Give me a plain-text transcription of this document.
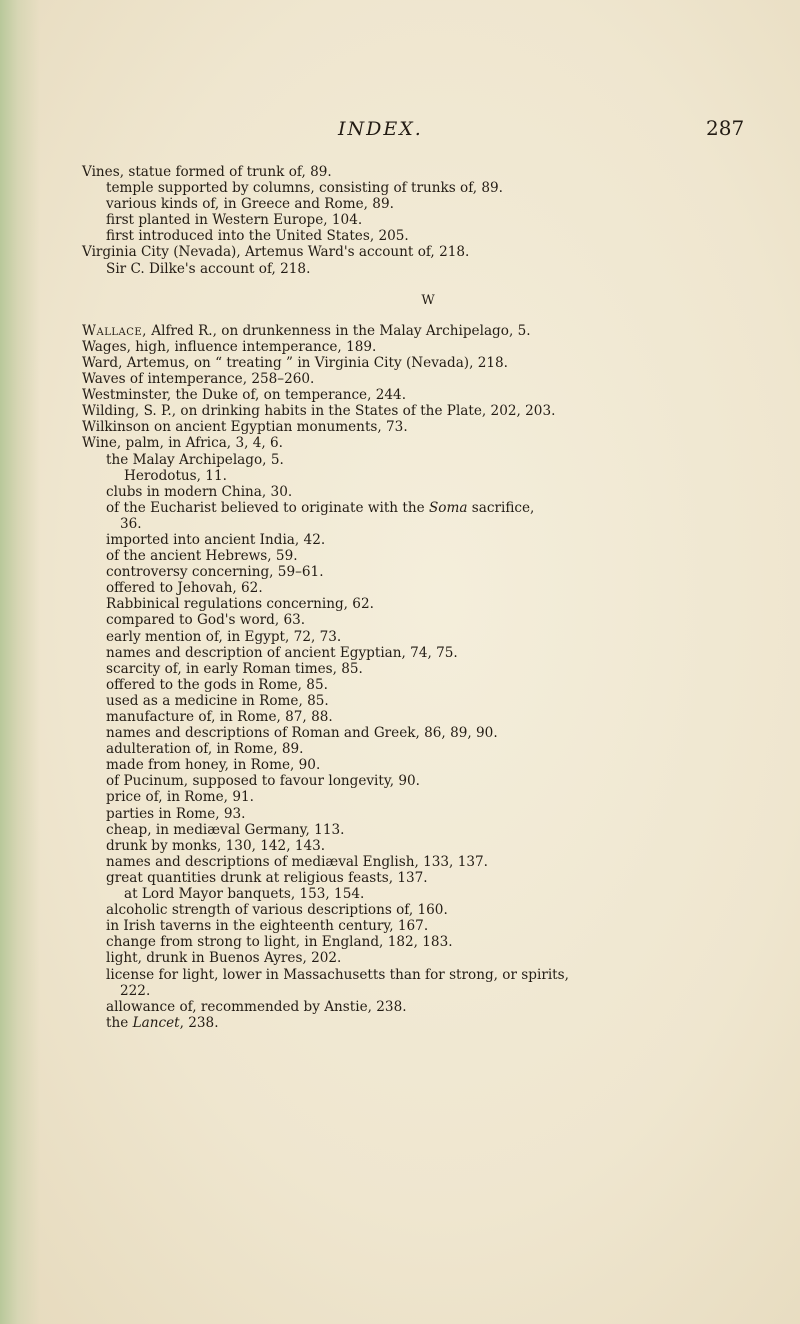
INDEX.	287
Vines, statue formed of trunk of, 89.
temple supported by columns, consisting of trunks of, 89.
various kinds of, in Greece and Rome, 89.
first planted in Western Europe, 104.
first introduced into the United States, 205.
Virginia City (Nevada), Artemus Ward's account of, 218.
Sir C. Dilke's account of, 218.
W
Wallace, Alfred R., on drunkenness in the Malay Archipelago, 5.
Wages, high, influence intemperance, 189.
Ward, Artemus, on “ treating ” in Virginia City (Nevada), 218.
Waves of intemperance, 258–260.
Westminster, the Duke of, on temperance, 244.
Wilding, S. P., on drinking habits in the States of the Plate, 202, 203.
Wilkinson on ancient Egyptian monuments, 73.
Wine, palm, in Africa, 3, 4, 6.
the Malay Archipelago, 5.
Herodotus, 11.
clubs in modern China, 30.
of the Eucharist believed to originate with the Soma sacrifice,
36.
imported into ancient India, 42.
of the ancient Hebrews, 59.
controversy concerning, 59–61.
offered to Jehovah, 62.
Rabbinical regulations concerning, 62.
compared to God's word, 63.
early mention of, in Egypt, 72, 73.
names and description of ancient Egyptian, 74, 75.
scarcity of, in early Roman times, 85.
offered to the gods in Rome, 85.
used as a medicine in Rome, 85.
manufacture of, in Rome, 87, 88.
names and descriptions of Roman and Greek, 86, 89, 90.
adulteration of, in Rome, 89.
made from honey, in Rome, 90.
of Pucinum, supposed to favour longevity, 90.
price of, in Rome, 91.
parties in Rome, 93.
cheap, in mediæval Germany, 113.
drunk by monks, 130, 142, 143.
names and descriptions of mediæval English, 133, 137.
great quantities drunk at religious feasts, 137.
at Lord Mayor banquets, 153, 154.
alcoholic strength of various descriptions of, 160.
in Irish taverns in the eighteenth century, 167.
change from strong to light, in England, 182, 183.
light, drunk in Buenos Ayres, 202.
license for light, lower in Massachusetts than for strong, or spirits,
222.
allowance of, recommended by Anstie, 238.
the Lancet, 238.
